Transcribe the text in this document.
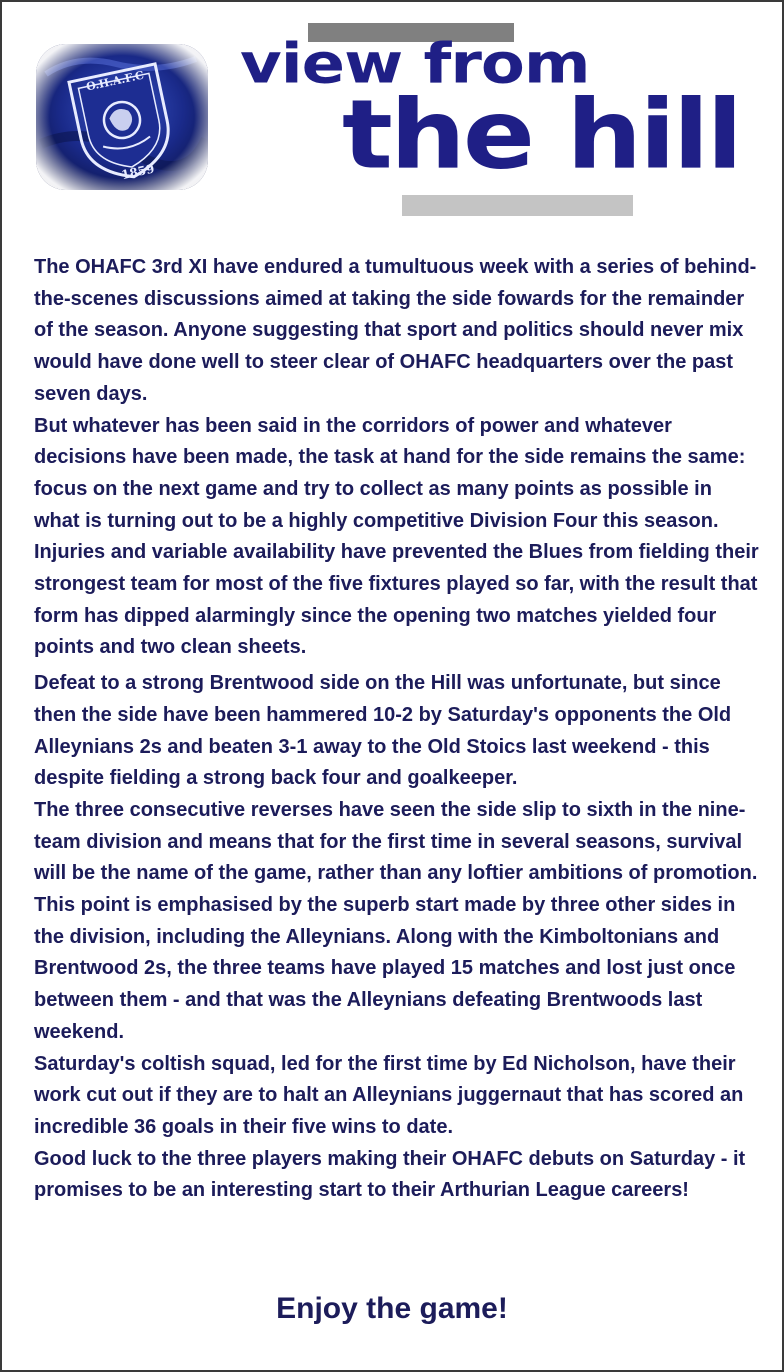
view from
the hill

The OHAFC 3rd XI have endured a tumultuous week with a series of behind-the-scenes discussions aimed at taking the side fowards for the remainder of the season. Anyone suggesting that sport and politics should never mix would have done well to steer clear of OHAFC headquarters over the past seven days.

But whatever has been said in the corridors of power and whatever decisions have been made, the task at hand for the side remains the same: focus on the next game and try to collect as many points as possible in what is turning out to be a highly competitive Division Four this season.

Injuries and variable availability have prevented the Blues from fielding their strongest team for most of the five fixtures played so far, with the result that form has dipped alarmingly since the opening two matches yielded four points and two clean sheets.

Defeat to a strong Brentwood side on the Hill was unfortunate, but since then the side have been hammered 10-2 by Saturday's opponents the Old Alleynians 2s and beaten 3-1 away to the Old Stoics last weekend - this despite fielding a strong back four and goalkeeper.

The three consecutive reverses have seen the side slip to sixth in the nine-team division and means that for the first time in several seasons, survival will be the name of the game, rather than any loftier ambitions of promotion.

This point is emphasised by the superb start made by three other sides in the division, including the Alleynians. Along with the Kimboltonians and Brentwood 2s, the three teams have played 15 matches and lost just once between them - and that was the Alleynians defeating Brentwoods last weekend.

Saturday's coltish squad, led for the first time by Ed Nicholson, have their work cut out if they are to halt an Alleynians juggernaut that has scored an incredible 36 goals in their five wins to date.

Good luck to the three players making their OHAFC debuts on Saturday - it promises to be an interesting start to their Arthurian League careers!

Enjoy the game!
